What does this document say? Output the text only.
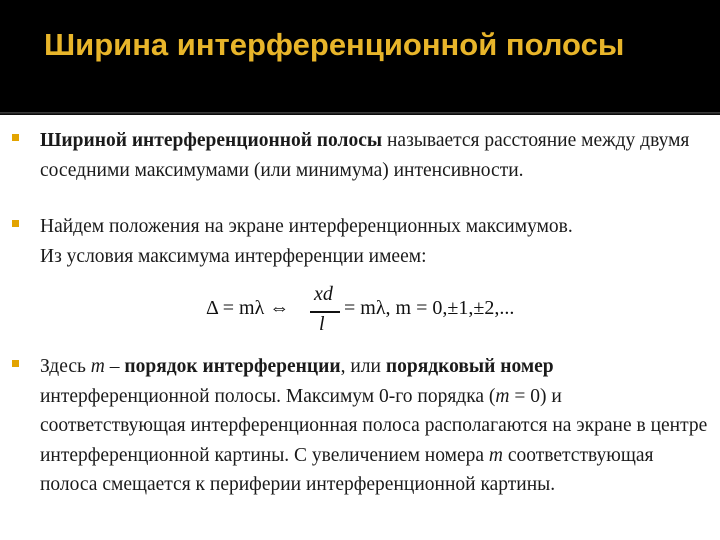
Ширина интерференционной полосы
Шириной интерференционной полосы называется расстояние между двумя соседними максимумами (или минимума) интенсивности.
Найдем положения на экране интерференционных максимумов.
Из условия максимума интерференции имеем:
Δ = mλ ⇔
xd
l
= mλ, m = 0,±1,±2,...
Здесь m – порядок интерференции, или порядковый номер интерференционной полосы. Максимум 0-го порядка (m = 0) и соответствующая интерференционная полоса располагаются на экране в центре интерференционной картины. С увеличением номера m соответствующая полоса смещается к периферии интерференционной картины.
